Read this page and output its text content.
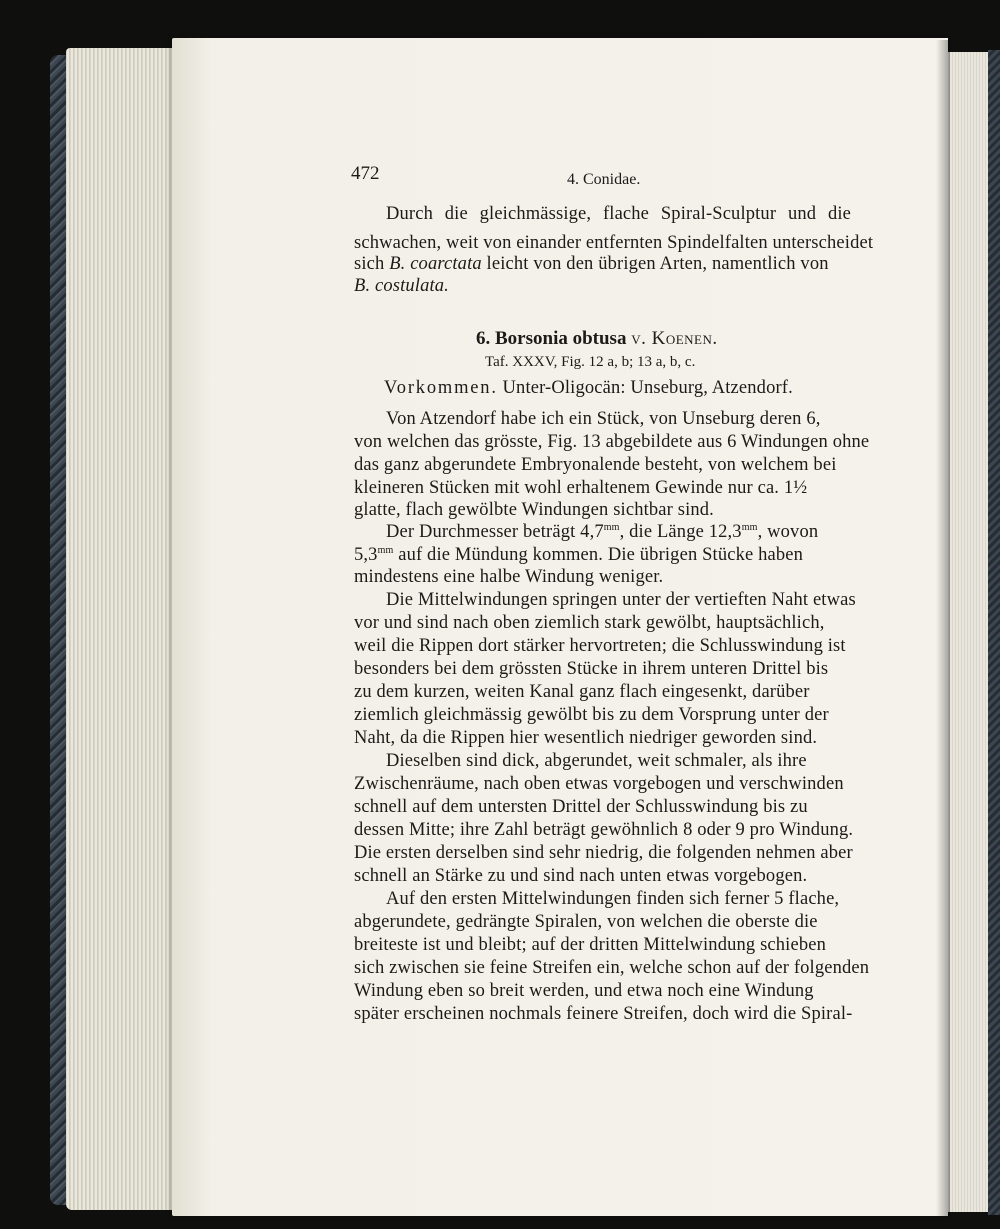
472	4. Conidae.
Durch die gleichmässige, flache Spiral-Sculptur und die
schwachen, weit von einander entfernten Spindelfalten unterscheidet
sich B. coarctata leicht von den übrigen Arten, namentlich von
B. costulata.
6. Borsonia obtusa v. Koenen.
Taf. XXXV, Fig. 12 a, b; 13 a, b, c.
Vorkommen. Unter-Oligocän: Unseburg, Atzendorf.
Von Atzendorf habe ich ein Stück, von Unseburg deren 6,
von welchen das grösste, Fig. 13 abgebildete aus 6 Windungen ohne
das ganz abgerundete Embryonalende besteht, von welchem bei
kleineren Stücken mit wohl erhaltenem Gewinde nur ca. 1½
glatte, flach gewölbte Windungen sichtbar sind.
Der Durchmesser beträgt $4,7^{mm}$, die Länge $12,3^{mm}$, wovon
$5,3^{mm}$ auf die Mündung kommen. Die übrigen Stücke haben
mindestens eine halbe Windung weniger.
Die Mittelwindungen springen unter der vertieften Naht etwas
vor und sind nach oben ziemlich stark gewölbt, hauptsächlich,
weil die Rippen dort stärker hervortreten; die Schlusswindung ist
besonders bei dem grössten Stücke in ihrem unteren Drittel bis
zu dem kurzen, weiten Kanal ganz flach eingesenkt, darüber
ziemlich gleichmässig gewölbt bis zu dem Vorsprung unter der
Naht, da die Rippen hier wesentlich niedriger geworden sind.
Dieselben sind dick, abgerundet, weit schmaler, als ihre
Zwischenräume, nach oben etwas vorgebogen und verschwinden
schnell auf dem untersten Drittel der Schlusswindung bis zu
dessen Mitte; ihre Zahl beträgt gewöhnlich 8 oder 9 pro Windung.
Die ersten derselben sind sehr niedrig, die folgenden nehmen aber
schnell an Stärke zu und sind nach unten etwas vorgebogen.
Auf den ersten Mittelwindungen finden sich ferner 5 flache,
abgerundete, gedrängte Spiralen, von welchen die oberste die
breiteste ist und bleibt; auf der dritten Mittelwindung schieben
sich zwischen sie feine Streifen ein, welche schon auf der folgenden
Windung eben so breit werden, und etwa noch eine Windung
später erscheinen nochmals feinere Streifen, doch wird die Spiral-
